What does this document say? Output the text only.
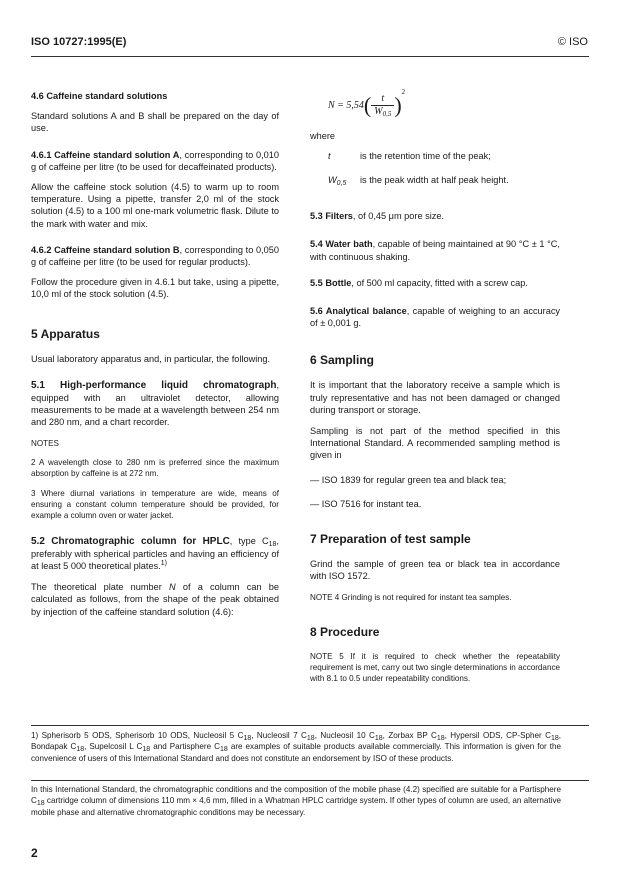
ISO 10727:1995(E)	© ISO

4.6 Caffeine standard solutions

Standard solutions A and B shall be prepared on the day of use.

4.6.1 Caffeine standard solution A, corresponding to 0,010 g of caffeine per litre (to be used for decaffeinated products).

Allow the caffeine stock solution (4.5) to warm up to room temperature. Using a pipette, transfer 2,0 ml of the stock solution (4.5) to a 100 ml one-mark volumetric flask. Dilute to the mark with water and mix.

4.6.2 Caffeine standard solution B, corresponding to 0,050 g of caffeine per litre (to be used for regular products).

Follow the procedure given in 4.6.1 but take, using a pipette, 10,0 ml of the stock solution (4.5).

5 Apparatus

Usual laboratory apparatus and, in particular, the following.

5.1 High-performance liquid chromatograph, equipped with an ultraviolet detector, allowing measurements to be made at a wavelength between 254 nm and 280 nm, and a chart recorder.

NOTES

2 A wavelength close to 280 nm is preferred since the maximum absorption by caffeine is at 272 nm.

3 Where diurnal variations in temperature are wide, means of ensuring a constant column temperature should be provided, for example a column oven or water jacket.

5.2 Chromatographic column for HPLC, type $C_{18}$, preferably with spherical particles and having an efficiency of at least 5 000 theoretical plates.$^{1)}$

The theoretical plate number N of a column can be calculated as follows, from the shape of the peak obtained by injection of the caffeine standard solution (4.6):

$N = 5,54( \frac{t}{W_{0,5}} )^2$

where

t	is the retention time of the peak;
$W_{0,5}$ is the peak width at half peak height.

5.3 Filters, of 0,45 μm pore size.

5.4 Water bath, capable of being maintained at 90 °C ± 1 °C, with continuous shaking.

5.5 Bottle, of 500 ml capacity, fitted with a screw cap.

5.6 Analytical balance, capable of weighing to an accuracy of ± 0,001 g.

6 Sampling

It is important that the laboratory receive a sample which is truly representative and has not been damaged or changed during transport or storage.

Sampling is not part of the method specified in this International Standard. A recommended sampling method is given in

— ISO 1839 for regular green tea and black tea;

— ISO 7516 for instant tea.

7 Preparation of test sample

Grind the sample of green tea or black tea in accordance with ISO 1572.

NOTE 4 Grinding is not required for instant tea samples.

8 Procedure

NOTE 5 If it is required to check whether the repeatability requirement is met, carry out two single determinations in accordance with 8.1 to 0.5 under repeatability conditions.

1) Spherisorb 5 ODS, Spherisorb 10 ODS, Nucleosil 5 $C_{18}$, Nucleosil 7 $C_{18}$, Nucleosil 10 $C_{18}$, Zorbax BP $C_{18}$, Hypersil ODS, CP-Spher $C_{18}$, Bondapak $C_{18}$, Supelcosil L $C_{18}$ and Partisphere $C_{18}$ are examples of suitable products available commercially. This information is given for the convenience of users of this International Standard and does not constitute an endorsement by ISO of these products.
In this International Standard, the chromatographic conditions and the composition of the mobile phase (4.2) specified are suitable for a Partisphere $C_{18}$ cartridge column of dimensions 110 mm × 4,6 mm, filled in a Whatman HPLC cartridge system. If other types of column are used, an alternative mobile phase and alternative chromatographic conditions may be necessary.
2
